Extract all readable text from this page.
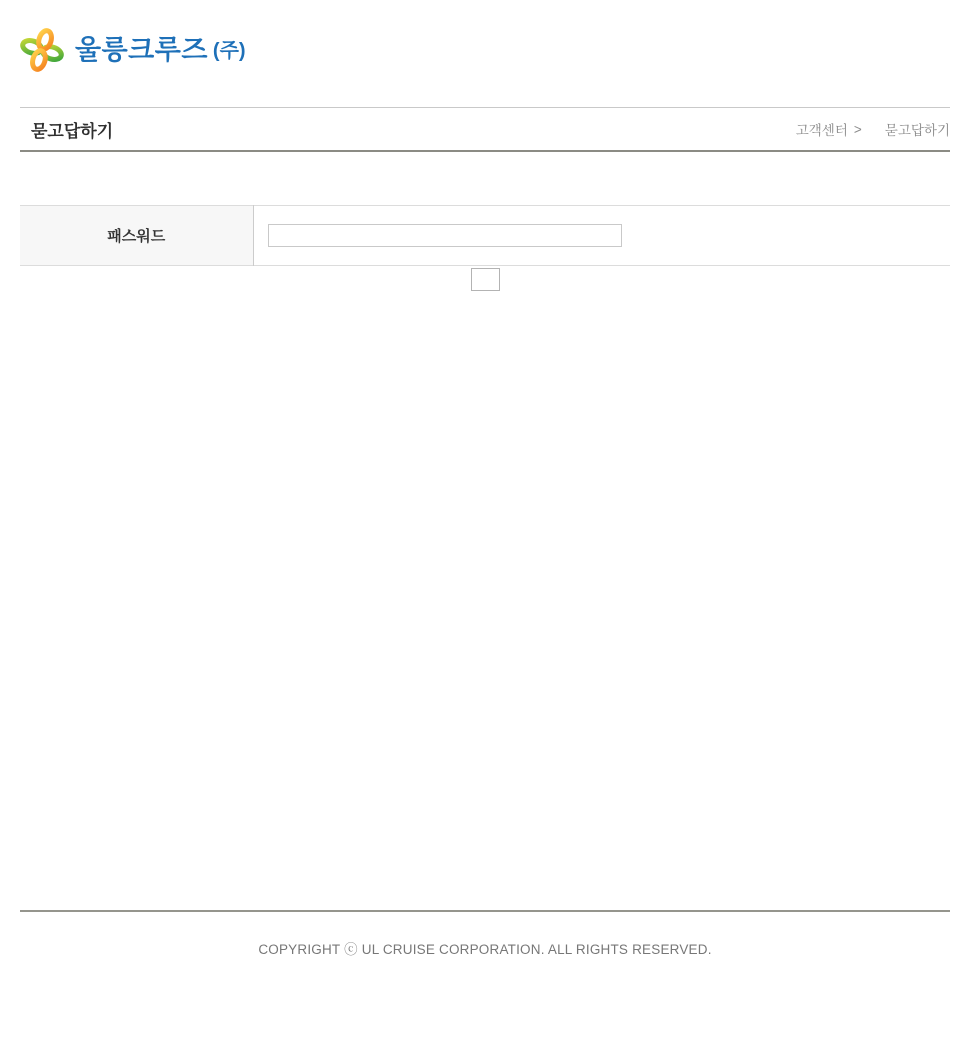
울릉크루즈 (주)
묻고답하기	고객센터 > 묻고답하기
패스워드	

COPYRIGHT ⓒ UL CRUISE CORPORATION. ALL RIGHTS RESERVED.
